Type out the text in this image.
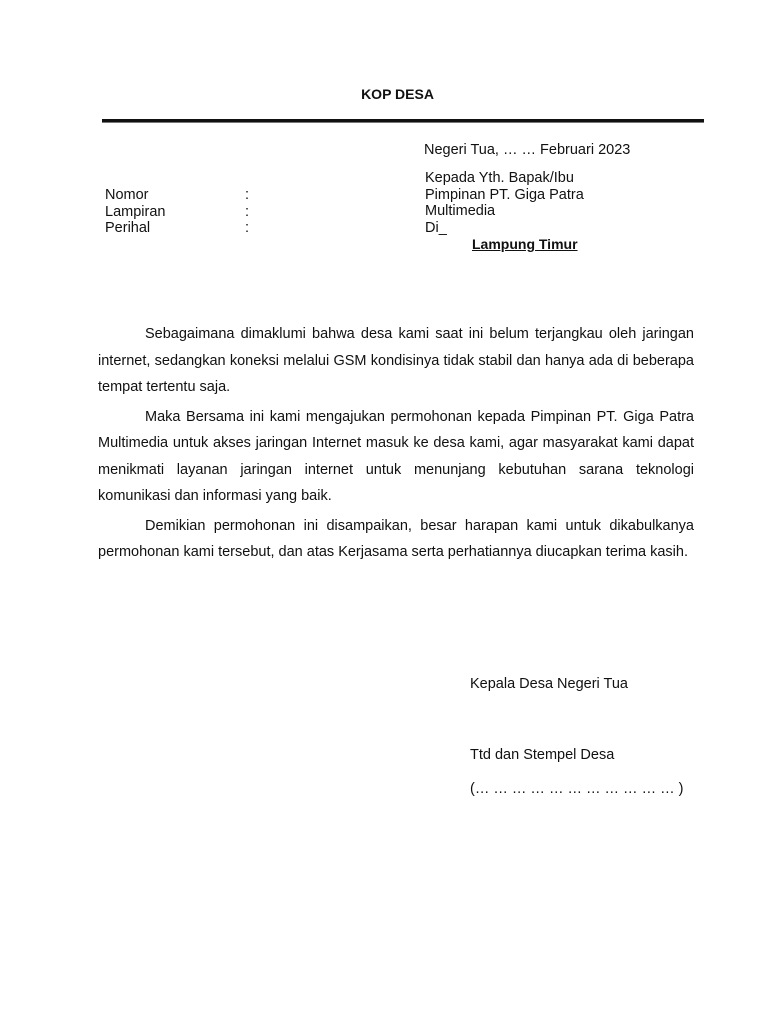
KOP DESA
Negeri Tua, … … Februari 2023
Nomor	:
Lampiran	:
Perihal	:
Kepada Yth. Bapak/Ibu
Pimpinan PT. Giga Patra
Multimedia
Di_
Lampung Timur

Sebagaimana dimaklumi bahwa desa kami saat ini belum terjangkau oleh jaringan internet, sedangkan koneksi melalui GSM kondisinya tidak stabil dan hanya ada di beberapa tempat tertentu saja.

Maka Bersama ini kami mengajukan permohonan kepada Pimpinan PT. Giga Patra Multimedia untuk akses jaringan Internet masuk ke desa kami, agar masyarakat kami dapat menikmati layanan jaringan internet untuk menunjang kebutuhan sarana teknologi komunikasi dan informasi yang baik.

Demikian permohonan ini disampaikan, besar harapan kami untuk dikabulkanya permohonan kami tersebut, dan atas Kerjasama serta perhatiannya diucapkan terima kasih.

Kepala Desa Negeri Tua
Ttd dan Stempel Desa
(… … … … … … … … … … … )
